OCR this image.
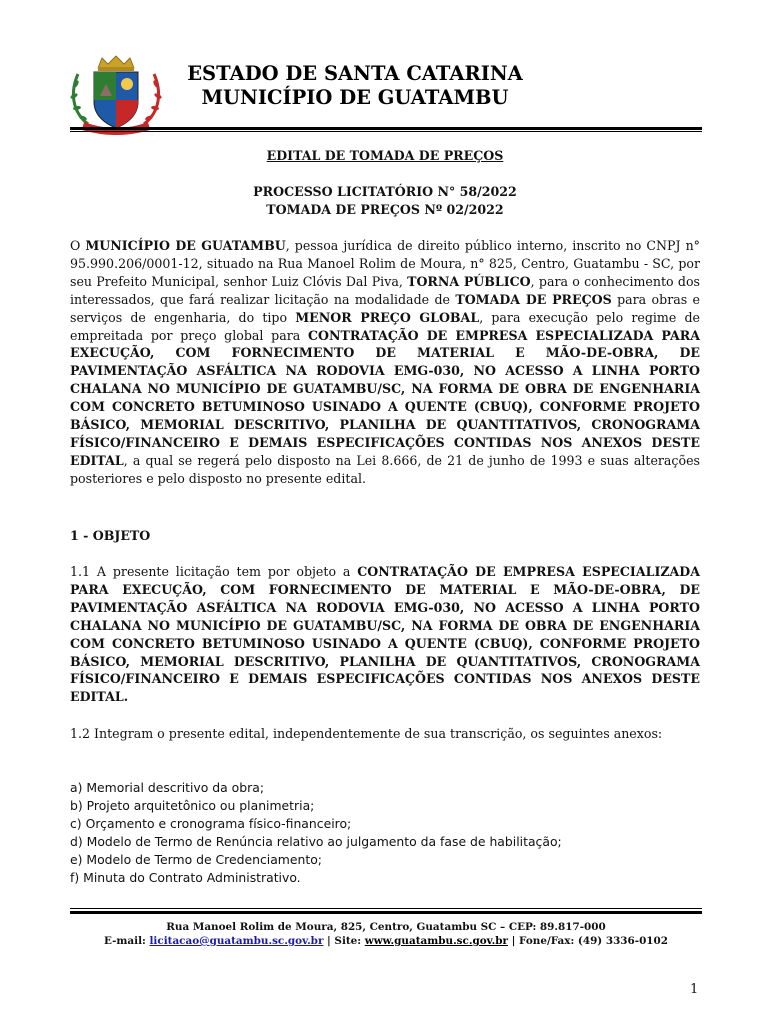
ESTADO DE SANTA CATARINA
MUNICÍPIO DE GUATAMBU
EDITAL DE TOMADA DE PREÇOS
PROCESSO LICITATÓRIO N° 58/2022
TOMADA DE PREÇOS Nº 02/2022

O MUNICÍPIO DE GUATAMBU, pessoa jurídica de direito público interno, inscrito no CNPJ n° 95.990.206/0001-12, situado na Rua Manoel Rolim de Moura, n° 825, Centro, Guatambu - SC, por seu Prefeito Municipal, senhor Luiz Clóvis Dal Piva, TORNA PÚBLICO, para o conhecimento dos interessados, que fará realizar licitação na modalidade de TOMADA DE PREÇOS para obras e serviços de engenharia, do tipo MENOR PREÇO GLOBAL, para execução pelo regime de empreitada por preço global para CONTRATAÇÃO DE EMPRESA ESPECIALIZADA PARA EXECUÇÃO, COM FORNECIMENTO DE MATERIAL E MÃO-DE-OBRA, DE PAVIMENTAÇÃO ASFÁLTICA NA RODOVIA EMG-030, NO ACESSO A LINHA PORTO CHALANA NO MUNICÍPIO DE GUATAMBU/SC, NA FORMA DE OBRA DE ENGENHARIA COM CONCRETO BETUMINOSO USINADO A QUENTE (CBUQ), CONFORME PROJETO BÁSICO, MEMORIAL DESCRITIVO, PLANILHA DE QUANTITATIVOS, CRONOGRAMA FÍSICO/FINANCEIRO E DEMAIS ESPECIFICAÇÕES CONTIDAS NOS ANEXOS DESTE EDITAL, a qual se regerá pelo disposto na Lei 8.666, de 21 de junho de 1993 e suas alterações posteriores e pelo disposto no presente edital.

1 - OBJETO

1.1 A presente licitação tem por objeto a CONTRATAÇÃO DE EMPRESA ESPECIALIZADA PARA EXECUÇÃO, COM FORNECIMENTO DE MATERIAL E MÃO-DE-OBRA, DE PAVIMENTAÇÃO ASFÁLTICA NA RODOVIA EMG-030, NO ACESSO A LINHA PORTO CHALANA NO MUNICÍPIO DE GUATAMBU/SC, NA FORMA DE OBRA DE ENGENHARIA COM CONCRETO BETUMINOSO USINADO A QUENTE (CBUQ), CONFORME PROJETO BÁSICO, MEMORIAL DESCRITIVO, PLANILHA DE QUANTITATIVOS, CRONOGRAMA FÍSICO/FINANCEIRO E DEMAIS ESPECIFICAÇÕES CONTIDAS NOS ANEXOS DESTE EDITAL.

1.2 Integram o presente edital, independentemente de sua transcrição, os seguintes anexos:
a) Memorial descritivo da obra;
b) Projeto arquitetônico ou planimetria;
c) Orçamento e cronograma físico-financeiro;
d) Modelo de Termo de Renúncia relativo ao julgamento da fase de habilitação;
e) Modelo de Termo de Credenciamento;
f) Minuta do Contrato Administrativo.
Rua Manoel Rolim de Moura, 825, Centro, Guatambu SC – CEP: 89.817-000
E-mail: licitacao@guatambu.sc.gov.br | Site: www.guatambu.sc.gov.br | Fone/Fax: (49) 3336-0102
1
